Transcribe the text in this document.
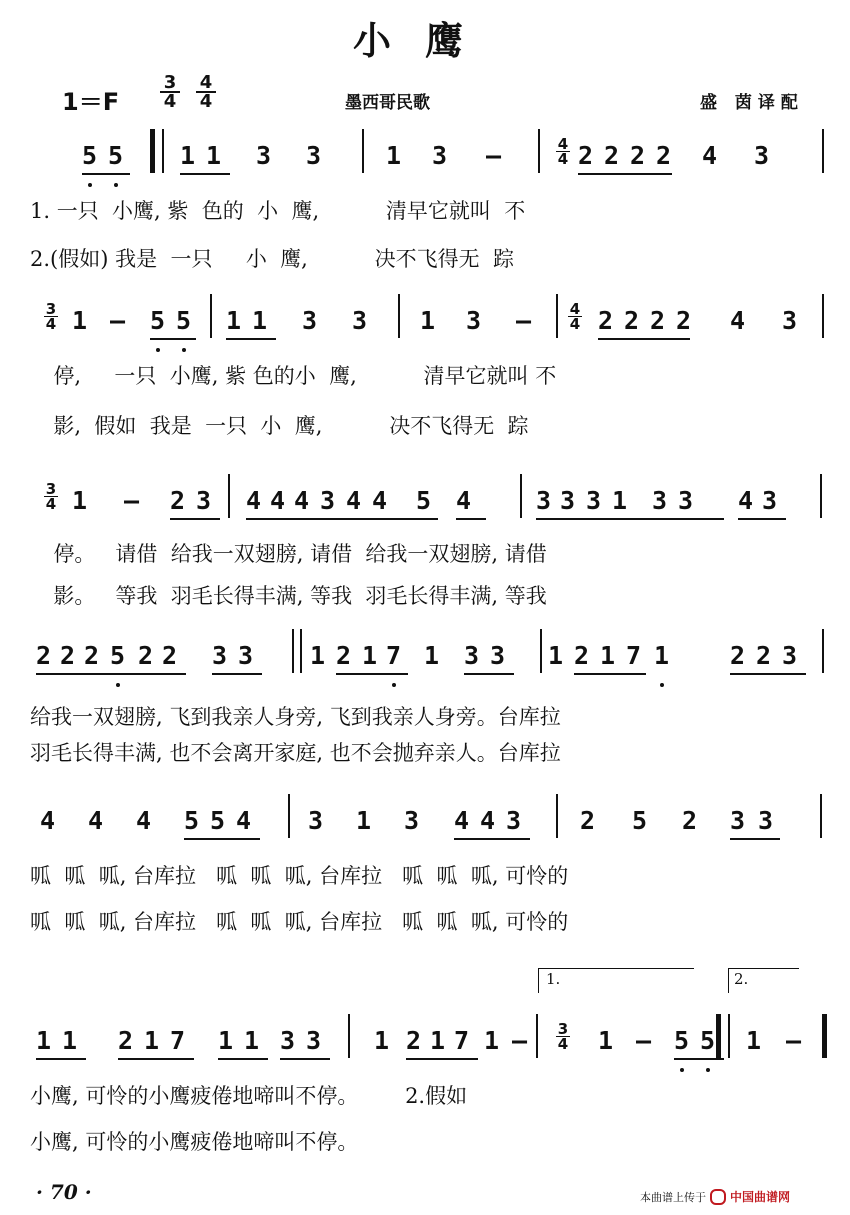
小鹰
$1=F \frac{3}{4} \frac{4}{4}$	墨西哥民歌	盛 茵译配
5 5 1 1 3 3	1 3 –	2 2 2 2 4 3
4
4
1. 一只  小鹰, 紫  色的  小  鹰,          清早它就叫  不
2.(假如) 我是  一只     小  鹰,          决不飞得无  踪
1 – 5 5 1 1 3 3 1 3 –	2 2 2 2 4 3
3
4
4
4
停,     一只  小鹰, 紫 色的小  鹰,          清早它就叫 不
影,  假如  我是  一只  小  鹰,          决不飞得无  踪
1 – 2 3 4 4 4 3 4 4 5 4	3 3 3 1 3 3 4 3
3
4
停。   请借  给我一双翅膀, 请借  给我一双翅膀, 请借
影。   等我  羽毛长得丰满, 等我  羽毛长得丰满, 等我
2 2 2 5 2 2 3 3 1 2 1 7 1 3 3 1 2 1 7 1 2 2 3
给我一双翅膀, 飞到我亲人身旁, 飞到我亲人身旁。台库拉
羽毛长得丰满, 也不会离开家庭, 也不会抛弃亲人。台库拉
4 4 4 5 5 4 3 1 3 4 4 3 2 5 2 3 3
呱  呱  呱, 台库拉   呱  呱  呱, 台库拉   呱  呱  呱, 可怜的
呱  呱  呱, 台库拉   呱  呱  呱, 台库拉   呱  呱  呱, 可怜的
1 1 2 1 7 1 1 3 3 1 2 1 7 1 –	1 – 5 5 1 –
3
4
1.	2.
小鹰, 可怜的小鹰疲倦地啼叫不停。       2.假如
小鹰, 可怜的小鹰疲倦地啼叫不停。
· 70 ·	本曲谱上传于 中国曲谱网
